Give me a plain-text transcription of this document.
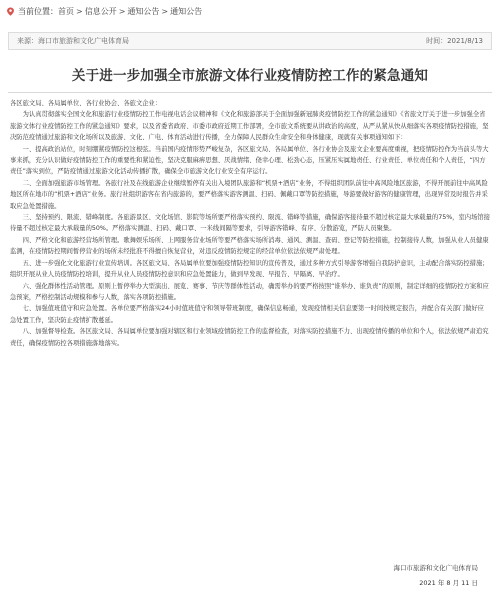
当前位置： 首页 > 信息公开 > 通知公告 > 通知公告
来源：海口市旅游和文化广电体育局	时间：2021/8/13
关于进一步加强全市旅游文体行业疫情防控工作的紧急通知

各区旅文局、各局属单位、各行业协会、各旅文企业：

为认真贯彻落实全国文化和旅游行业疫情防控工作电视电话会议精神和《文化和旅游部关于全面加强新冠肺炎疫情防控工作的紧急通知》《省旅文厅关于进一步加强全省旅游文体行业疫情防控工作的紧急通知》要求，以及省委省政府、市委市政府近期工作部署，全市旅文系统要从讲政治的高度，从严从紧从快从细落实各项疫情防控措施，坚决防范疫情通过旅游和文化场所以及旅游、文化、广电、体育活动进行传播，全力保障人民群众生命安全和身体健康，现就有关事项通知如下：

一、提高政治站位，时刻绷紧疫情防控这根弦。当前国内疫情形势严峻复杂，各区旅文局、各局属单位、各行业协会及旅文企业要高度重视，把疫情防控作为当前头等大事来抓，充分认识做好疫情防控工作的重要性和紧迫性，坚决克服麻痹思想、厌战情绪、侥幸心理、松劲心态，压紧压实属地责任、行业责任、单位责任和个人责任，“四方责任”落实到位，严防疫情通过旅游文化活动传播扩散，确保全市旅游文化行业安全有序运行。

二、全面加强旅游市场管理。各旅行社及在线旅游企业继续暂停有关出入境团队旅游和“机票+酒店”业务，不得组织团队前往中高风险地区旅游，不得开展前往中高风险地区所在地市的“机票+酒店”业务。旅行社组织游客在省内旅游的，要严格落实游客测温、扫码、佩戴口罩等防控措施，导游要做好游客的健康管理，出现异常及时报告并采取应急处置措施。

三、坚持预约、限流、错峰制度。各旅游景区、文化场馆、影院等场所要严格落实预约、限流、错峰等措施，确保游客接待量不超过核定最大承载量的75%，室内场馆接待量不超过核定最大承载量的50%。严格落实测温、扫码、戴口罩、一米线间隔等要求，引导游客错峰、有序、分散游览，严防人员聚集。

四、严格文化和旅游经营场所管理。歌舞娱乐场所、上网服务营业场所等要严格落实场所消毒、通风、测温、查码、登记等防控措施，控制接待人数，加强从业人员健康监测，在疫情防控期间暂停营业的场所未经批准不得擅自恢复营业，对违反疫情防控规定的经营单位依法依规严肃处理。

五、进一步强化文化旅游行业宣传培训。各区旅文局、各局属单位要加强疫情防控知识的宣传普及，通过多种方式引导游客增强自我防护意识，主动配合落实防控措施；组织开展从业人员疫情防控培训，提升从业人员疫情防控意识和应急处置能力，做到早发现、早报告、早隔离、早治疗。

六、强化群体性活动管理。原则上暂停举办大型演出、展览、赛事、节庆等群体性活动，确需举办的要严格按照“谁举办、谁负责”的原则，制定详细的疫情防控方案和应急预案，严格控制活动规模和参与人数，落实各项防控措施。

七、加强值班值守和应急处置。各单位要严格落实24小时值班值守和领导带班制度，确保信息畅通，发现疫情相关信息要第一时间按规定报告，并配合有关部门做好应急处置工作，坚决防止疫情扩散蔓延。

八、加强督导检查。各区旅文局、各局属单位要加强对辖区和行业领域疫情防控工作的监督检查，对落实防控措施不力、出现疫情传播的单位和个人，依法依规严肃追究责任，确保疫情防控各项措施落地落实。

海口市旅游和文化广电体育局
2021 年 8 月 11 日
